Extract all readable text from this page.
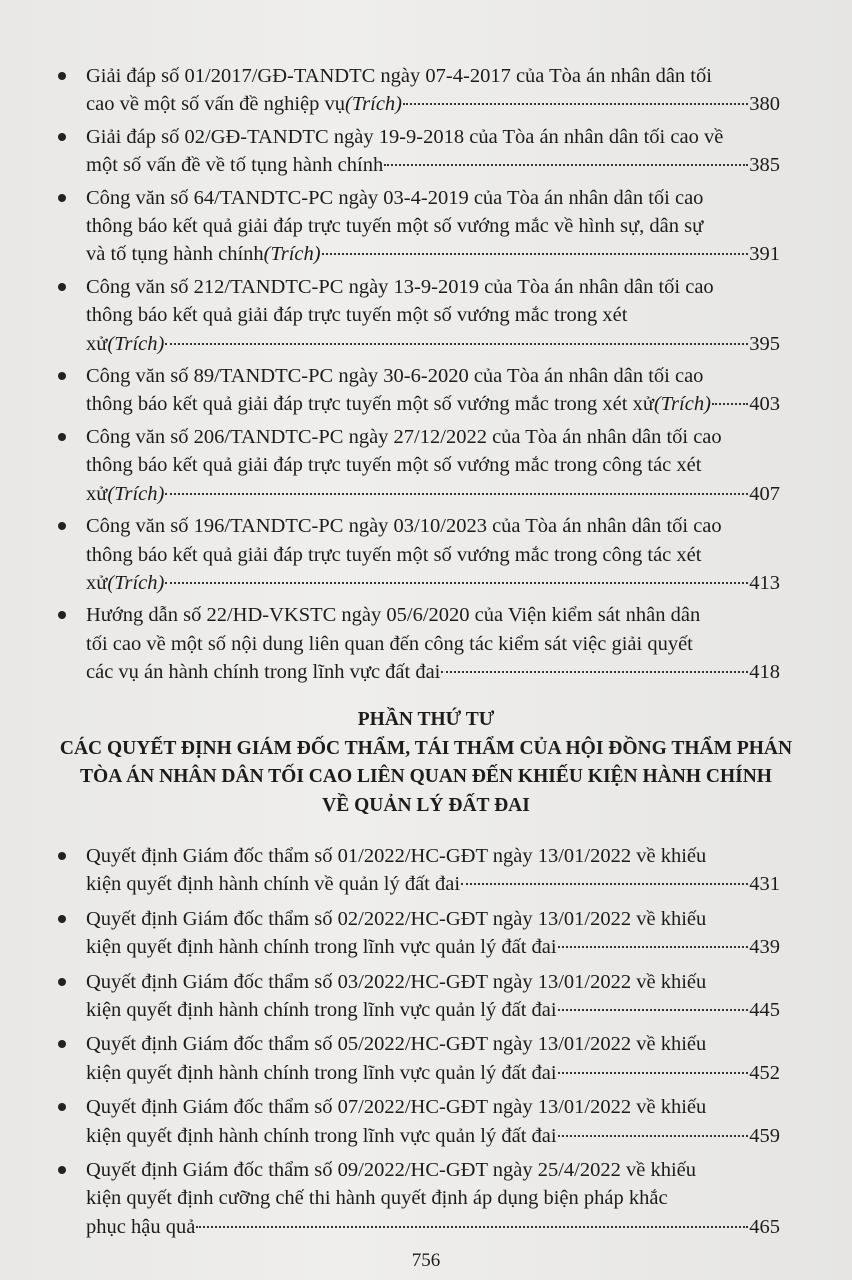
Giải đáp số 01/2017/GĐ-TANDTC ngày 07-4-2017 của Tòa án nhân dân tối
cao về một số vấn đề nghiệp vụ (Trích)	380
Giải đáp số 02/GĐ-TANDTC ngày 19-9-2018 của Tòa án nhân dân tối cao về
một số vấn đề về tố tụng hành chính	385
Công văn số 64/TANDTC-PC ngày 03-4-2019 của Tòa án nhân dân tối cao
thông báo kết quả giải đáp trực tuyến một số vướng mắc về hình sự, dân sự
và tố tụng hành chính (Trích)	391
Công văn số 212/TANDTC-PC ngày 13-9-2019 của Tòa án nhân dân tối cao
thông báo kết quả giải đáp trực tuyến một số vướng mắc trong xét
xử (Trích)	395
Công văn số 89/TANDTC-PC ngày 30-6-2020 của Tòa án nhân dân tối cao
thông báo kết quả giải đáp trực tuyến một số vướng mắc trong xét xử (Trích) 403
Công văn số 206/TANDTC-PC ngày 27/12/2022 của Tòa án nhân dân tối cao
thông báo kết quả giải đáp trực tuyến một số vướng mắc trong công tác xét
xử (Trích)	407
Công văn số 196/TANDTC-PC ngày 03/10/2023 của Tòa án nhân dân tối cao
thông báo kết quả giải đáp trực tuyến một số vướng mắc trong công tác xét
xử (Trích)	413
Hướng dẫn số 22/HD-VKSTC ngày 05/6/2020 của Viện kiểm sát nhân dân
tối cao về một số nội dung liên quan đến công tác kiểm sát việc giải quyết
các vụ án hành chính trong lĩnh vực đất đai	418
PHẦN THỨ TƯ
CÁC QUYẾT ĐỊNH GIÁM ĐỐC THẨM, TÁI THẨM CỦA HỘI ĐỒNG THẨM PHÁN
TÒA ÁN NHÂN DÂN TỐI CAO LIÊN QUAN ĐẾN KHIẾU KIỆN HÀNH CHÍNH
VỀ QUẢN LÝ ĐẤT ĐAI
Quyết định Giám đốc thẩm số 01/2022/HC-GĐT ngày 13/01/2022 về khiếu
kiện quyết định hành chính về quản lý đất đai	431
Quyết định Giám đốc thẩm số 02/2022/HC-GĐT ngày 13/01/2022 về khiếu
kiện quyết định hành chính trong lĩnh vực quản lý đất đai	439
Quyết định Giám đốc thẩm số 03/2022/HC-GĐT ngày 13/01/2022 về khiếu
kiện quyết định hành chính trong lĩnh vực quản lý đất đai	445
Quyết định Giám đốc thẩm số 05/2022/HC-GĐT ngày 13/01/2022 về khiếu
kiện quyết định hành chính trong lĩnh vực quản lý đất đai	452
Quyết định Giám đốc thẩm số 07/2022/HC-GĐT ngày 13/01/2022 về khiếu
kiện quyết định hành chính trong lĩnh vực quản lý đất đai	459
Quyết định Giám đốc thẩm số 09/2022/HC-GĐT ngày 25/4/2022 về khiếu
kiện quyết định cưỡng chế thi hành quyết định áp dụng biện pháp khắc
phục hậu quả	465
756
